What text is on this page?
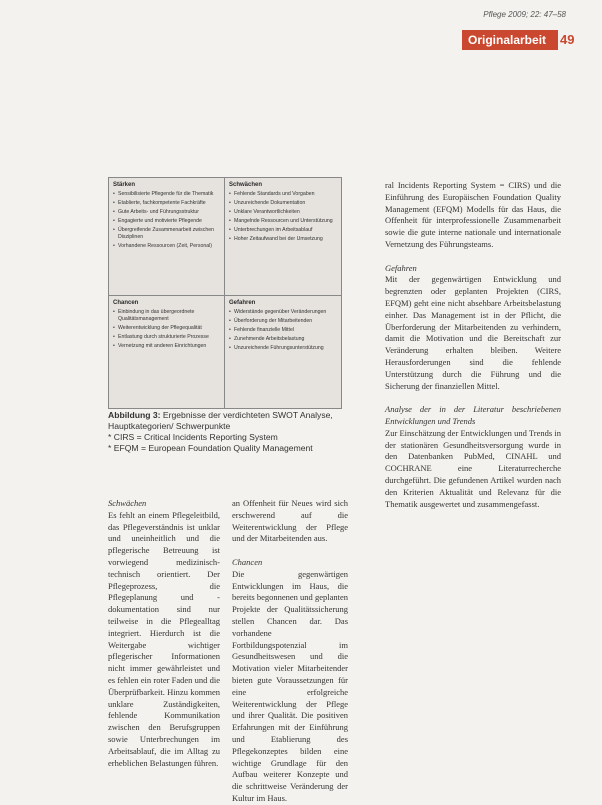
Pflege 2009; 22: 47–58
Originalarbeit	49
Stärken
• Sensibilisierte Pflegende für die Thematik
• Etablierte, fachkompetente Fachkräfte
• Gute Arbeits- und Führungsstruktur
• Engagierte und motivierte Pflegende
• Übergreifende Zusammenarbeit zwischen Disziplinen
• Vorhandene Ressourcen (Zeit, Personal)
Schwächen
• Fehlende Standards und Vorgaben
• Unzureichende Dokumentation
• Unklare Verantwortlichkeiten
• Mangelnde Ressourcen und Unterstützung
• Unterbrechungen im Arbeitsablauf
• Hoher Zeitaufwand bei der Umsetzung
Chancen
• Einbindung in das übergeordnete Qualitätsmanagement
• Weiterentwicklung der Pflegequalität
• Entlastung durch strukturierte Prozesse
• Vernetzung mit anderen Einrichtungen
Gefahren
• Widerstände gegenüber Veränderungen
• Überforderung der Mitarbeitenden
• Fehlende finanzielle Mittel
• Zunehmende Arbeitsbelastung
• Unzureichende Führungsunterstützung
Abbildung 3: Ergebnisse der verdichteten SWOT Analyse, Hauptkategorien/ Schwerpunkte
* CIRS = Critical Incidents Reporting System
* EFQM = European Foundation Quality Management
Schwächen

Es fehlt an einem Pflegeleitbild, das Pflegeverständnis ist unklar und uneinheitlich und die pflegerische Betreuung ist vorwiegend medizinisch-technisch orientiert. Der Pflegeprozess, die Pflegeplanung und -dokumentation sind nur teilweise in die Pflegealltag integriert. Hierdurch ist die Weitergabe wichtiger pflegerischer Informationen nicht immer gewährleistet und es fehlen ein roter Faden und die Überprüfbarkeit. Hinzu kommen unklare Zuständigkeiten, fehlende Kommunikation zwischen den Berufsgruppen sowie Unterbrechungen im Arbeitsablauf, die im Alltag zu erheblichen Belastungen führen.

an Offenheit für Neues wird sich erschwerend auf die Weiterentwicklung der Pflege und der Mitarbeitenden aus.

Chancen

Die gegenwärtigen Entwicklungen im Haus, die bereits begonnenen und geplanten Projekte der Qualitätssicherung stellen Chancen dar. Das vorhandene Fortbildungspotenzial im Gesundheitswesen und die Motivation vieler Mitarbeitender bieten gute Voraussetzungen für eine erfolgreiche Weiterentwicklung der Pflege und ihrer Qualität. Die positiven Erfahrungen mit der Einführung und Etablierung des Pflegekonzeptes bilden eine wichtige Grundlage für den Aufbau weiterer Konzepte und die schrittweise Veränderung der Kultur im Haus.

ral Incidents Reporting System = CIRS) und die Einführung des Europäischen Foundation Quality Management (EFQM) Modells für das Haus, die Offenheit für interprofessionelle Zusammenarbeit sowie die gute interne nationale und internationale Vernetzung des Führungsteams.

Gefahren

Mit der gegenwärtigen Entwicklung und begrenzten oder geplanten Projekten (CIRS, EFQM) geht eine nicht absehbare Arbeitsbelastung einher. Das Management ist in der Pflicht, die Überforderung der Mitarbeitenden zu verhindern, damit die Motivation und die Bereitschaft zur Veränderung erhalten bleiben. Weitere Herausforderungen sind die fehlende Unterstützung durch die Führung und die Sicherung der finanziellen Mittel.

Analyse der in der Literatur beschriebenen Entwicklungen und Trends

Zur Einschätzung der Entwicklungen und Trends in der stationären Gesundheitsversorgung wurde in den Datenbanken PubMed, CINAHL und COCHRANE eine Literaturrecherche durchgeführt. Die gefundenen Artikel wurden nach den Kriterien Aktualität und Relevanz für die Thematik ausgewertet und zusammengefasst.
